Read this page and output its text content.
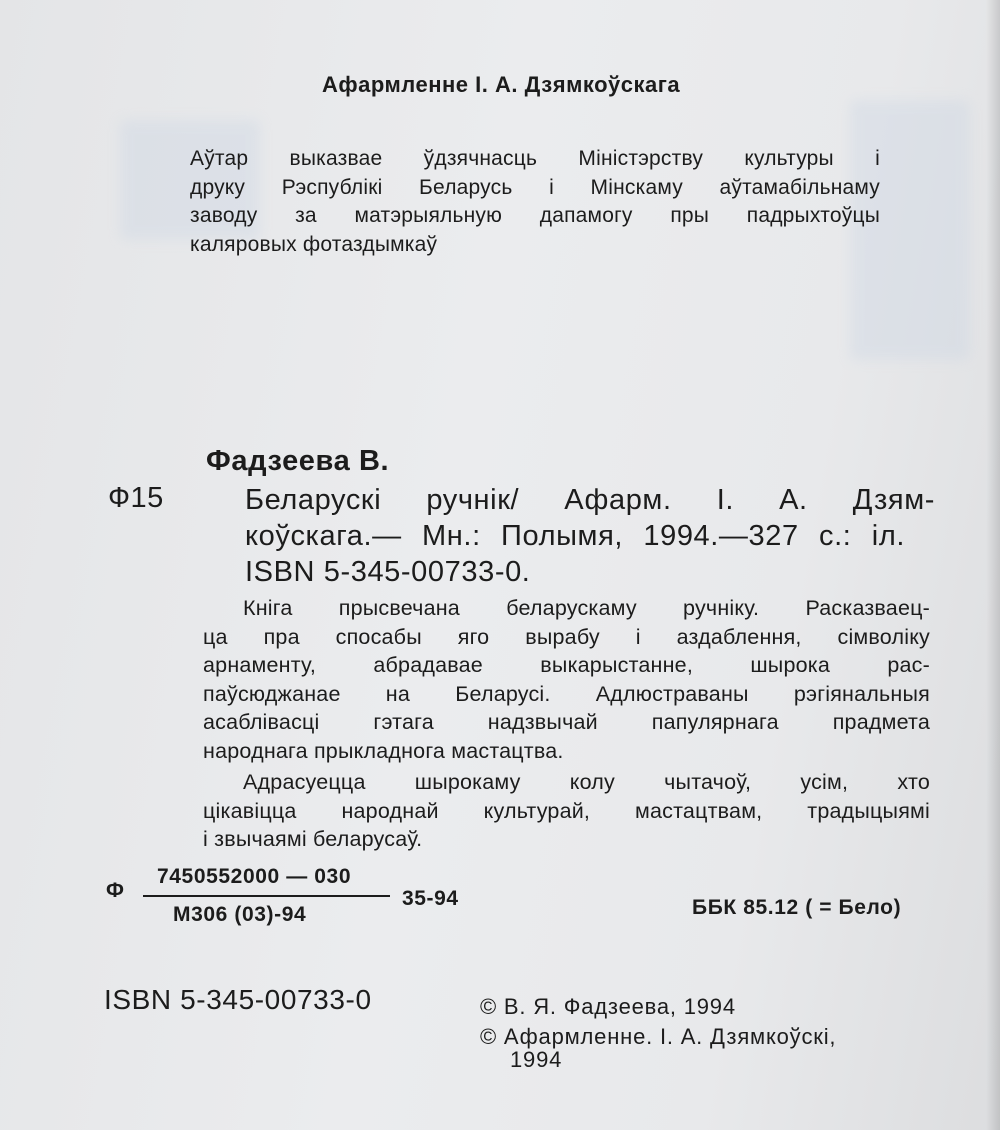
Афармленне І. А. Дзямкоўскага
Аўтар выказвае ўдзячнасць Міністэрству культуры і
друку Рэспублікі Беларусь і Мінскаму аўтамабільнаму
заводу за матэрыяльную дапамогу пры падрыхтоўцы
каляровых фотаздымкаў
Фадзеева В.
Ф15	Беларускі ручнік/ Афарм. І. А. Дзям-
коўскага.— Мн.: Полымя, 1994.—327 с.: іл.
ISBN 5-345-00733-0.
Кніга прысвечана беларускаму ручніку. Расказваец-
ца пра спосабы яго вырабу і аздаблення, сімволіку
арнаменту, абрадавае выкарыстанне, шырока рас-
паўсюджанае на Беларусі. Адлюстраваны рэгіянальныя
асаблівасці гэтага надзвычай папулярнага прадмета
народнага прыкладнога мастацтва.
Адрасуецца шырокаму колу чытачоў, усім, хто
цікавіцца народнай культурай, мастацтвам, традыцыямі
і звычаямі беларусаў.
Ф
7450552000 — 030
М306 (03)-94
35-94	ББК 85.12 ( = Бело)
ISBN 5-345-00733-0	© В. Я. Фадзеева, 1994
© Афармленне. І. А. Дзямкоўскі,
1994
